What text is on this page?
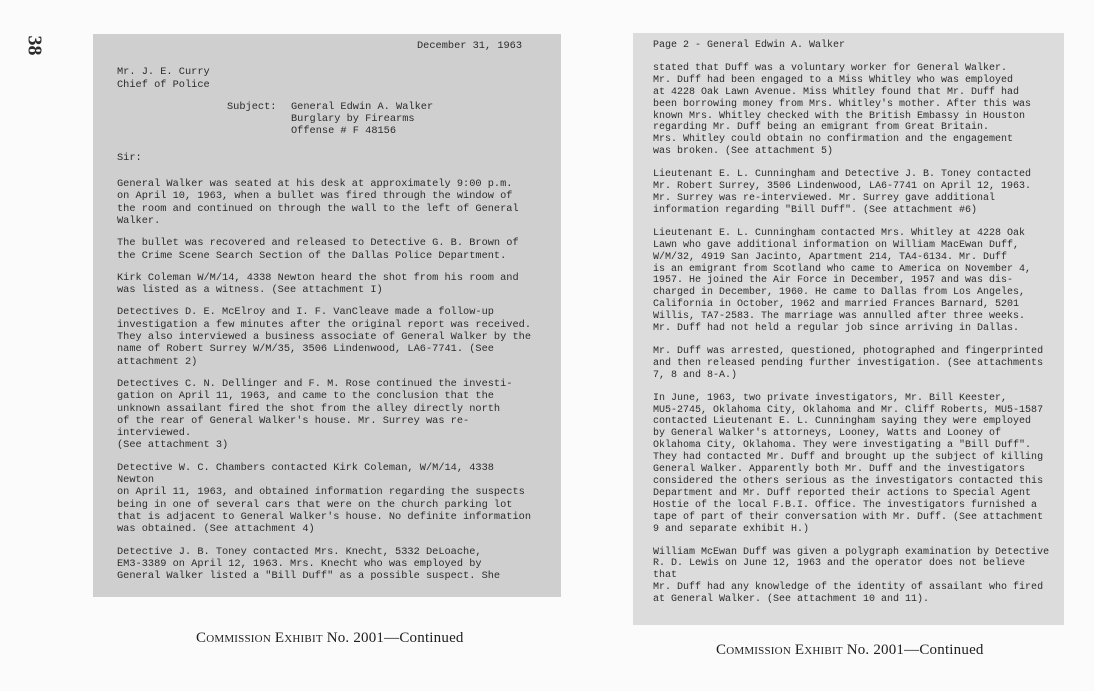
38	December 31, 1963

Mr. J. E. Curry
Chief of Police

Subject:	General Edwin A. Walker
Burglary by Firearms
Offense # F 48156

Sir:

General Walker was seated at his desk at approximately 9:00 p.m.
on April 10, 1963, when a bullet was fired through the window of
the room and continued on through the wall to the left of General
Walker.

The bullet was recovered and released to Detective G. B. Brown of
the Crime Scene Search Section of the Dallas Police Department.

Kirk Coleman W/M/14, 4338 Newton heard the shot from his room and
was listed as a witness. (See attachment I)

Detectives D. E. McElroy and I. F. VanCleave made a follow-up
investigation a few minutes after the original report was received.
They also interviewed a business associate of General Walker by the
name of Robert Surrey W/M/35, 3506 Lindenwood, LA6-7741. (See
attachment 2)

Detectives C. N. Dellinger and F. M. Rose continued the investi-
gation on April 11, 1963, and came to the conclusion that the
unknown assailant fired the shot from the alley directly north
of the rear of General Walker's house. Mr. Surrey was re-interviewed.
(See attachment 3)

Detective W. C. Chambers contacted Kirk Coleman, W/M/14, 4338 Newton
on April 11, 1963, and obtained information regarding the suspects
being in one of several cars that were on the church parking lot
that is adjacent to General Walker's house. No definite information
was obtained. (See attachment 4)

Detective J. B. Toney contacted Mrs. Knecht, 5332 DeLoache,
EM3-3389 on April 12, 1963. Mrs. Knecht who was employed by
General Walker listed a "Bill Duff" as a possible suspect. She

Commission Exhibit No. 2001—Continued

Page 2 - General Edwin A. Walker

stated that Duff was a voluntary worker for General Walker.
Mr. Duff had been engaged to a Miss Whitley who was employed
at 4228 Oak Lawn Avenue. Miss Whitley found that Mr. Duff had
been borrowing money from Mrs. Whitley's mother. After this was
known Mrs. Whitley checked with the British Embassy in Houston
regarding Mr. Duff being an emigrant from Great Britain.
Mrs. Whitley could obtain no confirmation and the engagement
was broken. (See attachment 5)

Lieutenant E. L. Cunningham and Detective J. B. Toney contacted
Mr. Robert Surrey, 3506 Lindenwood, LA6-7741 on April 12, 1963.
Mr. Surrey was re-interviewed. Mr. Surrey gave additional
information regarding "Bill Duff". (See attachment #6)

Lieutenant E. L. Cunningham contacted Mrs. Whitley at 4228 Oak
Lawn who gave additional information on William MacEwan Duff,
W/M/32, 4919 San Jacinto, Apartment 214, TA4-6134. Mr. Duff
is an emigrant from Scotland who came to America on November 4,
1957. He joined the Air Force in December, 1957 and was dis-
charged in December, 1960. He came to Dallas from Los Angeles,
California in October, 1962 and married Frances Barnard, 5201
Willis, TA7-2583. The marriage was annulled after three weeks.
Mr. Duff had not held a regular job since arriving in Dallas.

Mr. Duff was arrested, questioned, photographed and fingerprinted
and then released pending further investigation. (See attachments
7, 8 and 8-A.)

In June, 1963, two private investigators, Mr. Bill Keester,
MU5-2745, Oklahoma City, Oklahoma and Mr. Cliff Roberts, MU5-1587
contacted Lieutenant E. L. Cunningham saying they were employed
by General Walker's attorneys, Looney, Watts and Looney of
Oklahoma City, Oklahoma. They were investigating a "Bill Duff".
They had contacted Mr. Duff and brought up the subject of killing
General Walker. Apparently both Mr. Duff and the investigators
considered the others serious as the investigators contacted this
Department and Mr. Duff reported their actions to Special Agent
Hostie of the local F.B.I. Office. The investigators furnished a
tape of part of their conversation with Mr. Duff. (See attachment
9 and separate exhibit H.)

William McEwan Duff was given a polygraph examination by Detective
R. D. Lewis on June 12, 1963 and the operator does not believe that
Mr. Duff had any knowledge of the identity of assailant who fired
at General Walker. (See attachment 10 and 11).

Commission Exhibit No. 2001—Continued
